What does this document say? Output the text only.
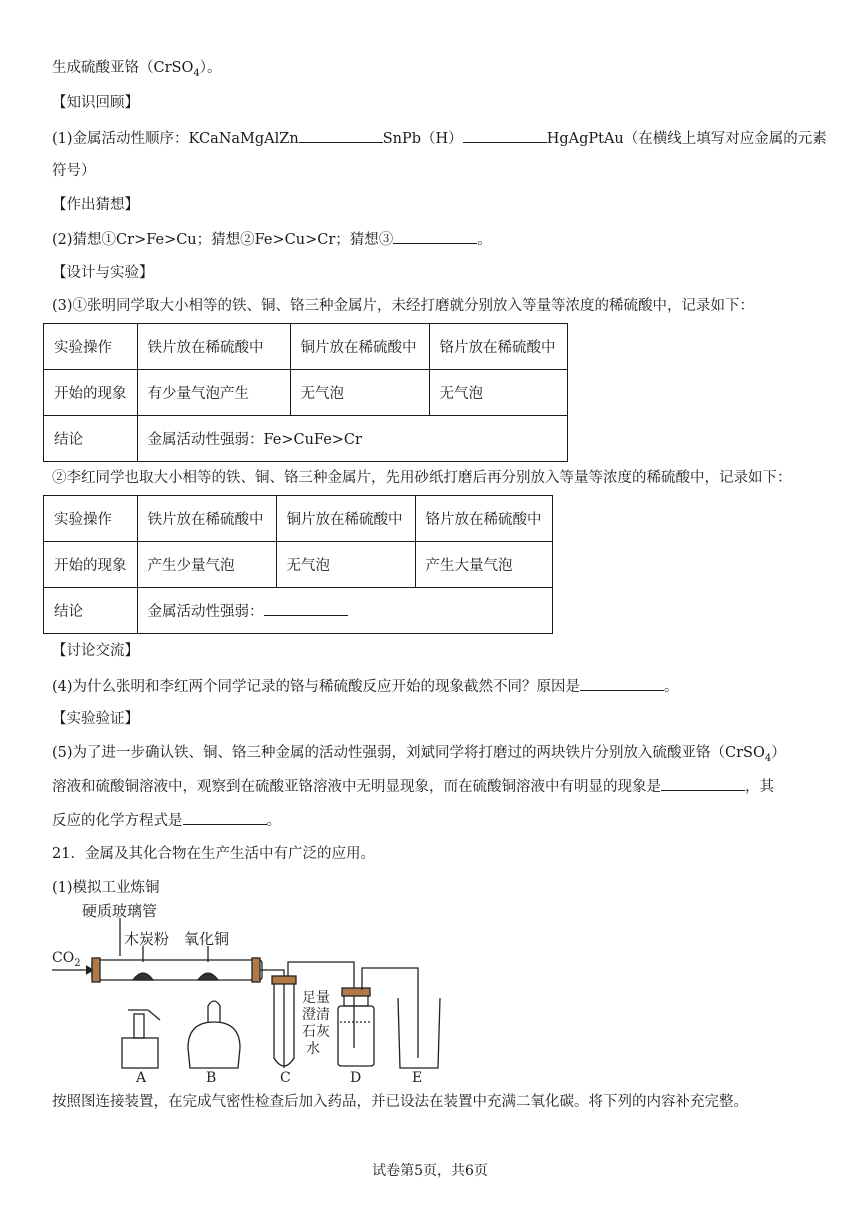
生成硫酸亚铬（CrSO$_4$）。
【知识回顾】
(1)金属活动性顺序：KCaNaMgAlZn	SnPb（H）	HgAgPtAu（在横线上填写对应金属的元素
符号）
【作出猜想】
(2)猜想①Cr>Fe>Cu；猜想②Fe>Cu>Cr；猜想③	。
【设计与实验】
(3)①张明同学取大小相等的铁、铜、铬三种金属片，未经打磨就分别放入等量等浓度的稀硫酸中，记录如下：
实验操作	铁片放在稀硫酸中	铜片放在稀硫酸中	铬片放在稀硫酸中
开始的现象	有少量气泡产生	无气泡	无气泡
结论	金属活动性强弱：Fe>CuFe>Cr		
②李红同学也取大小相等的铁、铜、铬三种金属片，先用砂纸打磨后再分别放入等量等浓度的稀硫酸中，记录如下：
实验操作	铁片放在稀硫酸中	铜片放在稀硫酸中	铬片放在稀硫酸中
开始的现象	产生少量气泡	无气泡	产生大量气泡
结论	金属活动性强弱：		
【讨论交流】
(4)为什么张明和李红两个同学记录的铬与稀硫酸反应开始的现象截然不同？原因是	。
【实验验证】
(5)为了进一步确认铁、铜、铬三种金属的活动性强弱，刘斌同学将打磨过的两块铁片分别放入硫酸亚铬（CrSO$_4$）
溶液和硫酸铜溶液中，观察到在硫酸亚铬溶液中无明显现象，而在硫酸铜溶液中有明显的现象是	，其
反应的化学方程式是	。
21．金属及其化合物在生产生活中有广泛的应用。
(1)模拟工业炼铜
硬质玻璃管
木炭粉 氧化铜
$CO_2$
足量
澄清
石灰
水
A	B	C	D	E
按照图连接装置，在完成气密性检查后加入药品，并已设法在装置中充满二氧化碳。将下列的内容补充完整。
试卷第5页，共6页
